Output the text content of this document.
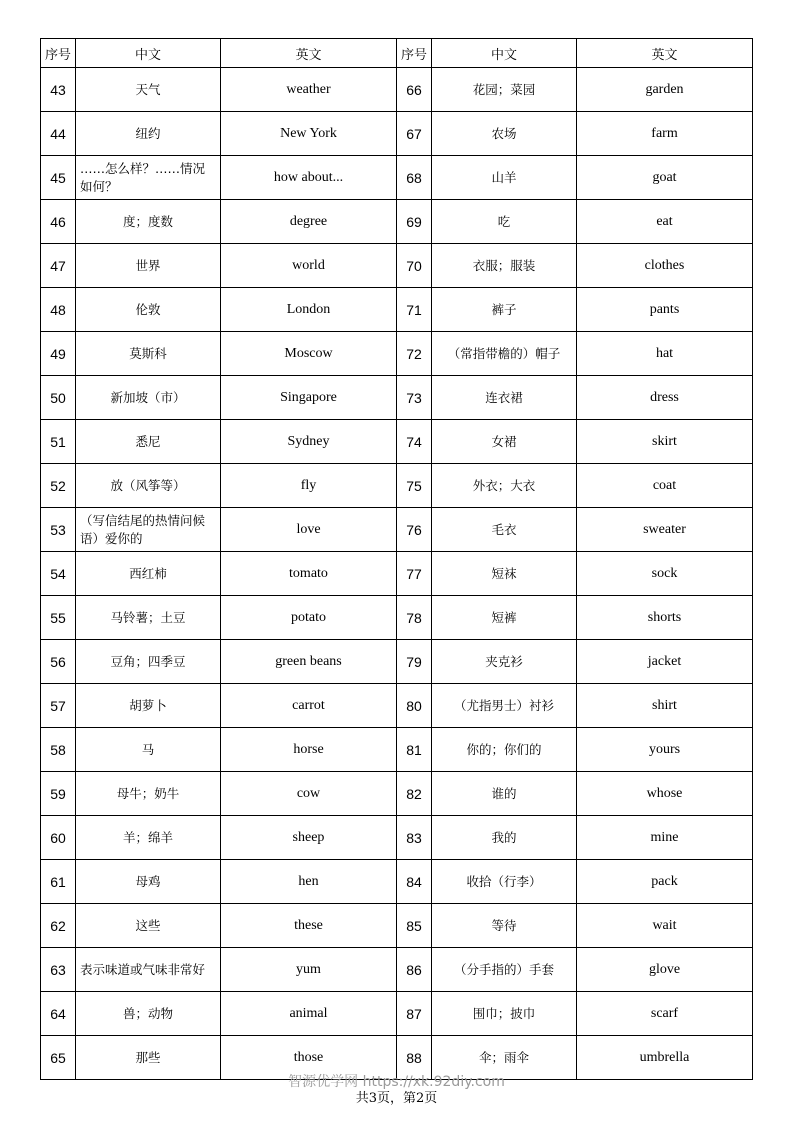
序号	中文	英文	序号	中文	英文
43	天气	weather	66	花园；菜园	garden
44	纽约	New York	67	农场	farm
45	……怎么样？……情况如何？	how about...	68	山羊	goat
46	度；度数	degree	69	吃	eat
47	世界	world	70	衣服；服装	clothes
48	伦敦	London	71	裤子	pants
49	莫斯科	Moscow	72	（常指带檐的）帽子	hat
50	新加坡（市）	Singapore	73	连衣裙	dress
51	悉尼	Sydney	74	女裙	skirt
52	放（风筝等）	fly	75	外衣；大衣	coat
53	（写信结尾的热情问候语）爱你的	love	76	毛衣	sweater
54	西红柿	tomato	77	短袜	sock
55	马铃薯；土豆	potato	78	短裤	shorts
56	豆角；四季豆	green beans	79	夹克衫	jacket
57	胡萝卜	carrot	80	（尤指男士）衬衫	shirt
58	马	horse	81	你的；你们的	yours
59	母牛；奶牛	cow	82	谁的	whose
60	羊；绵羊	sheep	83	我的	mine
61	母鸡	hen	84	收拾（行李）	pack
62	这些	these	85	等待	wait
63	表示味道或气味非常好	yum	86	（分手指的）手套	glove
64	兽；动物	animal	87	围巾；披巾	scarf
65	那些	those	88	伞；雨伞	umbrella
智源优学网 https://xk.92diy.com
共3页，第2页
